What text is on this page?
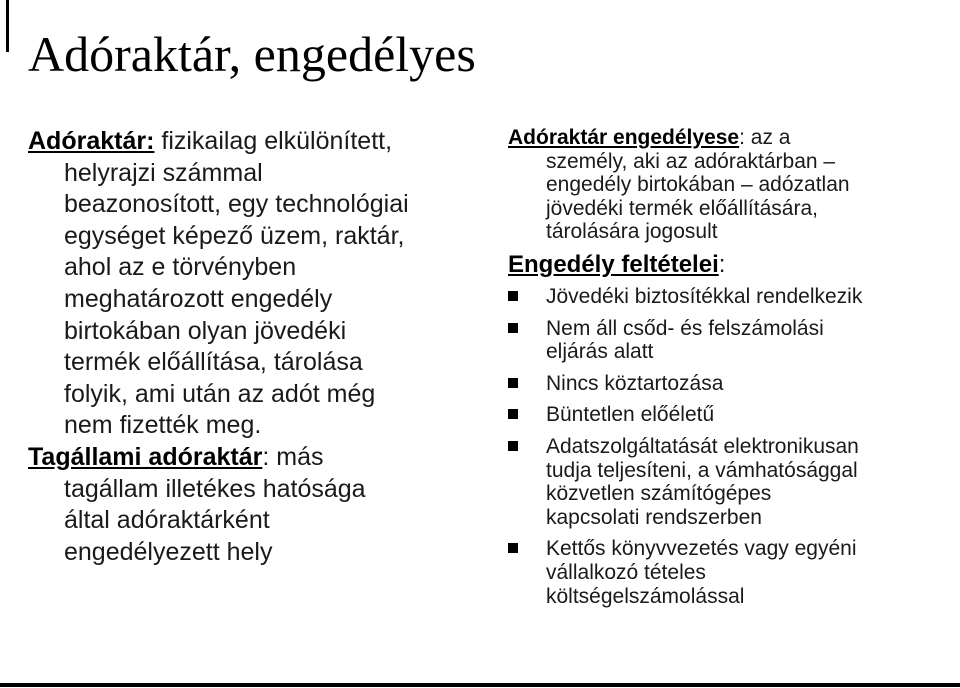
Adóraktár, engedélyes
Adóraktár: fizikailag elkülönített,
helyrajzi számmal
beazonosított, egy technológiai
egységet képező üzem, raktár,
ahol az e törvényben
meghatározott engedély
birtokában olyan jövedéki
termék előállítása, tárolása
folyik, ami után az adót még
nem fizették meg.
Tagállami adóraktár: más
tagállam illetékes hatósága
által adóraktárként
engedélyezett hely
Adóraktár engedélyese: az a
személy, aki az adóraktárban –
engedély birtokában – adózatlan
jövedéki termék előállítására,
tárolására jogosult
Engedély feltételei:
Jövedéki biztosítékkal rendelkezik
Nem áll csőd- és felszámolási
eljárás alatt
Nincs köztartozása
Büntetlen előéletű
Adatszolgáltatását elektronikusan
tudja teljesíteni, a vámhatósággal
közvetlen számítógépes
kapcsolati rendszerben
Kettős könyvvezetés vagy egyéni
vállalkozó tételes
költségelszámolással
